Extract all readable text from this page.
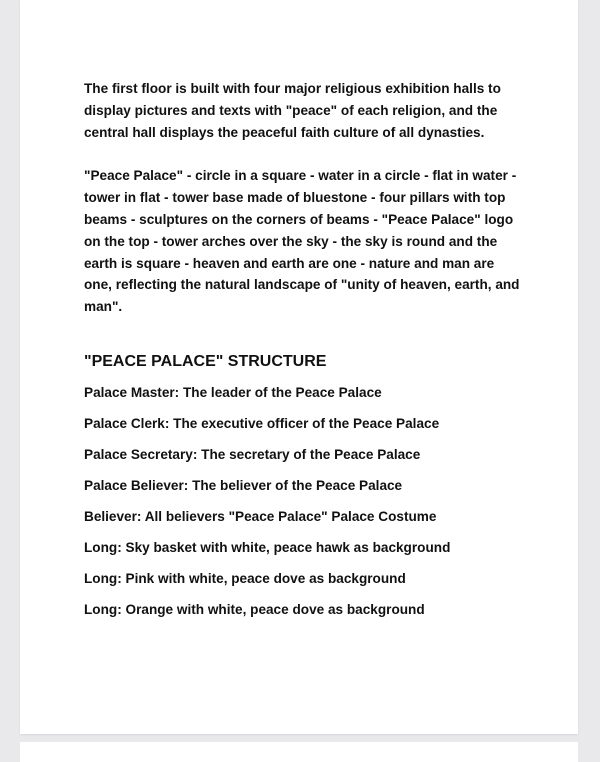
The first floor is built with four major religious exhibition halls to display pictures and texts with "peace" of each religion, and the central hall displays the peaceful faith culture of all dynasties.

"Peace Palace" - circle in a square - water in a circle - flat in water - tower in flat - tower base made of bluestone - four pillars with top beams - sculptures on the corners of beams - "Peace Palace" logo on the top - tower arches over the sky - the sky is round and the earth is square - heaven and earth are one - nature and man are one, reflecting the natural landscape of "unity of heaven, earth, and man".

"PEACE PALACE" STRUCTURE
Palace Master: The leader of the Peace Palace
Palace Clerk: The executive officer of the Peace Palace
Palace Secretary: The secretary of the Peace Palace
Palace Believer: The believer of the Peace Palace
Believer: All believers "Peace Palace" Palace Costume
Long: Sky basket with white, peace hawk as background
Long: Pink with white, peace dove as background
Long: Orange with white, peace dove as background
